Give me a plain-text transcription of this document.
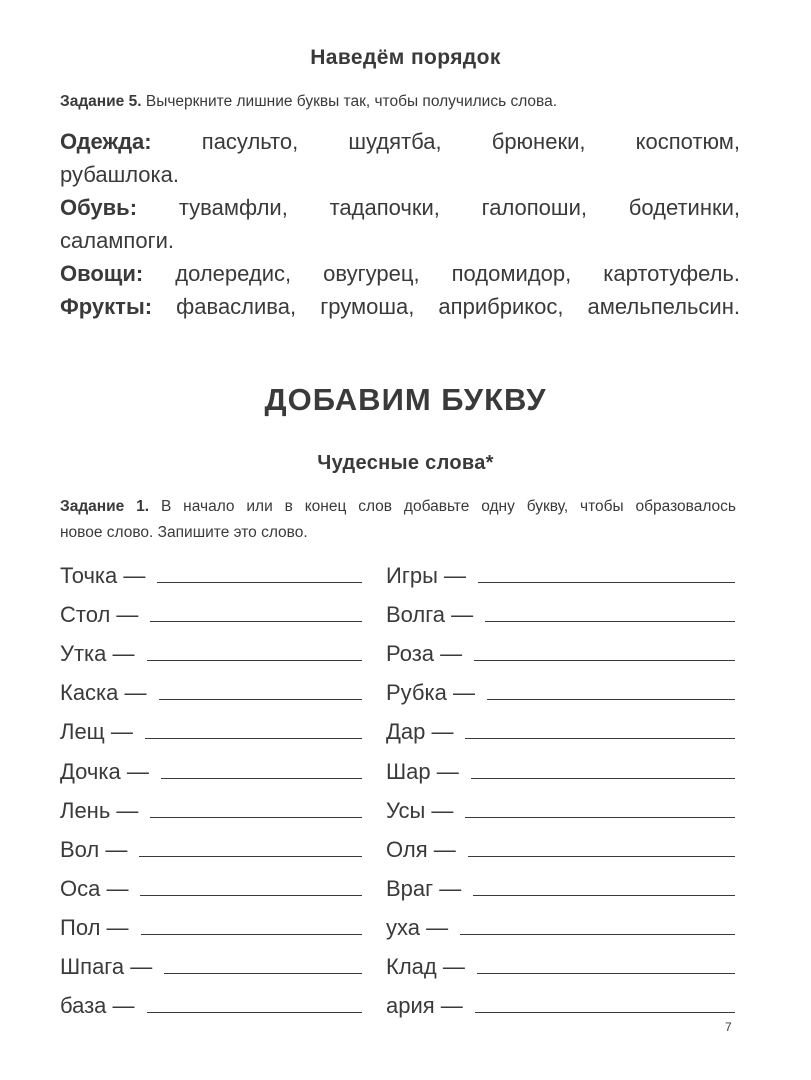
Наведём порядок
Задание 5. Вычеркните лишние буквы так, чтобы получились слова.
Одежда: пасульто, шудятба, брюнеки, коспотюм,
рубашлока.
Обувь: тувамфли, тадапочки, галопоши, бодетинки,
салампоги.
Овощи: долередис, овугурец, подомидор, картотуфель.
Фрукты: фаваслива, грумоша, априбрикос, амельпельсин.
ДОБАВИМ БУКВУ
Чудесные слова*
Задание 1. В начало или в конец слов добавьте одну букву, чтобы образовалось
новое слово. Запишите это слово.
Точка —
Стол —
Утка —
Каска —
Лещ —
Дочка —
Лень —
Вол —
Оса —
Пол —
Шпага —
база —
Игры —
Волга —
Роза —
Рубка —
Дар —
Шар —
Усы —
Оля —
Враг —
уха —
Клад —
ария —
7
